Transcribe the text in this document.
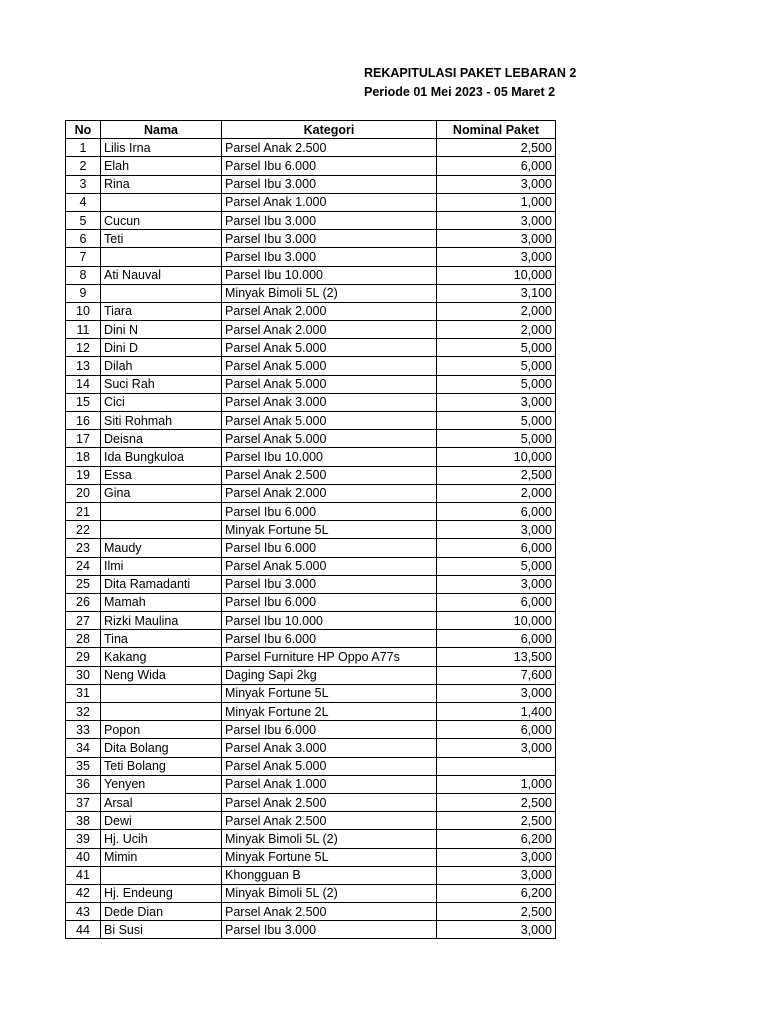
REKAPITULASI PAKET LEBARAN 2
Periode 01 Mei 2023 - 05 Maret 2
No	Nama	Kategori	Nominal Paket
1	Lilis Irna	Parsel Anak 2.500	2,500
2	Elah	Parsel Ibu 6.000	6,000
3	Rina	Parsel Ibu 3.000	3,000
4		Parsel Anak 1.000	1,000
5	Cucun	Parsel Ibu 3.000	3,000
6	Teti	Parsel Ibu 3.000	3,000
7		Parsel Ibu 3.000	3,000
8	Ati Nauval	Parsel Ibu 10.000	10,000
9		Minyak Bimoli 5L (2)	3,100
10	Tiara	Parsel Anak 2.000	2,000
11	Dini N	Parsel Anak 2.000	2,000
12	Dini D	Parsel Anak 5.000	5,000
13	Dilah	Parsel Anak 5.000	5,000
14	Suci Rah	Parsel Anak 5.000	5,000
15	Cici	Parsel Anak 3.000	3,000
16	Siti Rohmah	Parsel Anak 5.000	5,000
17	Deisna	Parsel Anak 5.000	5,000
18	Ida Bungkuloa	Parsel Ibu 10.000	10,000
19	Essa	Parsel Anak 2.500	2,500
20	Gina	Parsel Anak 2.000	2,000
21		Parsel Ibu 6.000	6,000
22		Minyak Fortune 5L	3,000
23	Maudy	Parsel Ibu 6.000	6,000
24	Ilmi	Parsel Anak 5.000	5,000
25	Dita Ramadanti	Parsel Ibu 3.000	3,000
26	Mamah	Parsel Ibu 6.000	6,000
27	Rizki Maulina	Parsel Ibu 10.000	10,000
28	Tina	Parsel Ibu 6.000	6,000
29	Kakang	Parsel Furniture HP Oppo A77s	13,500
30	Neng Wida	Daging Sapi 2kg	7,600
31		Minyak Fortune 5L	3,000
32		Minyak Fortune 2L	1,400
33	Popon	Parsel Ibu 6.000	6,000
34	Dita Bolang	Parsel Anak 3.000	3,000
35	Teti Bolang	Parsel Anak 5.000	
36	Yenyen	Parsel Anak 1.000	1,000
37	Arsal	Parsel Anak 2.500	2,500
38	Dewi	Parsel Anak 2.500	2,500
39	Hj. Ucih	Minyak Bimoli 5L (2)	6,200
40	Mimin	Minyak Fortune 5L	3,000
41		Khongguan B	3,000
42	Hj. Endeung	Minyak Bimoli 5L (2)	6,200
43	Dede Dian	Parsel Anak 2.500	2,500
44	Bi Susi	Parsel Ibu 3.000	3,000
